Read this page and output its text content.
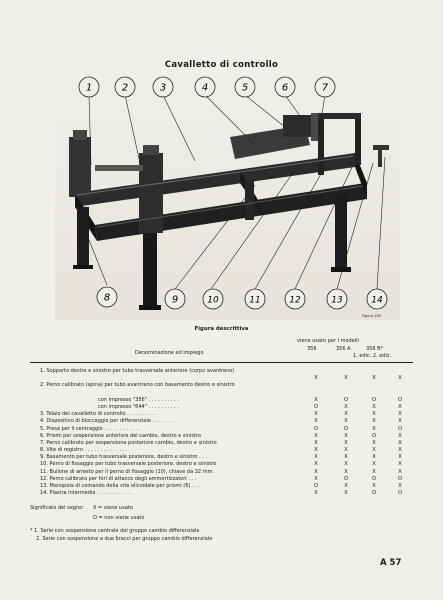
Cavalletto di controllo
1	2	3	4	5	6	7
8	9	10	11	12	13	14
Figura 189
Figura descrittiva
viene usato per i modelli
Denominazione ed impiego
356	356 A	356 B*
1. edic. 2. ediz.
1. Sopporto destro e sinistro per tubo trasversale anteriore (corpo avantreno)
X	X	X	X
2. Perno calibrato (spina) per tubo avantreno con basamento destro e sinistro
con impresso "356" . . . . . . . . . .	X	O	O	O
con impresso "644" . . . . . . . . . .	O	X	X	X
3. Telaio del cavalletto di controllo . . . . . . . . . .	X	X	X	X
4. Dispositivo di bloccaggio per differenziale . . . . . . .	X	X	X	X
5. Presa per il centraggio . . . . . . . . . . . .	O	O	X	O
6. Prismi per sospensione anteriore del cambio, destro e sinistro	X	X	O	X
7. Perno calibrato per sospensione posteriore cambio, destro e sinistro	X	X	X	X
8. Vite di registro . . . . . . . . . . . . . .	X	X	X	X
9. Basamento per tubo trasversale posteriore, destro e sinistro . . .	X	X	X	X
10. Perno di fissaggio per tubo trasversale posteriore, destro e sinistro	X	X	X	X
11. Bullone di arresto per il perno di fissaggio (10), chiave da 32 mm.	X	X	X	X
12. Perno calibrato per fori di attacco degli ammortizzatori . . .	X	O	O	O
13. Manopola di comando della vite elicoidale per prismi (6) . . .	O	X	X	X
14. Piastra intermedia . . . . . . . . . . . .	X	X	O	O
Significato del segno: X = viene usato
O = non viene usato
* 1. Serie con sospensione centrale del gruppo cambio differenziale
2. Serie con sospensione a due bracci per gruppo cambio differenziale
A 57
